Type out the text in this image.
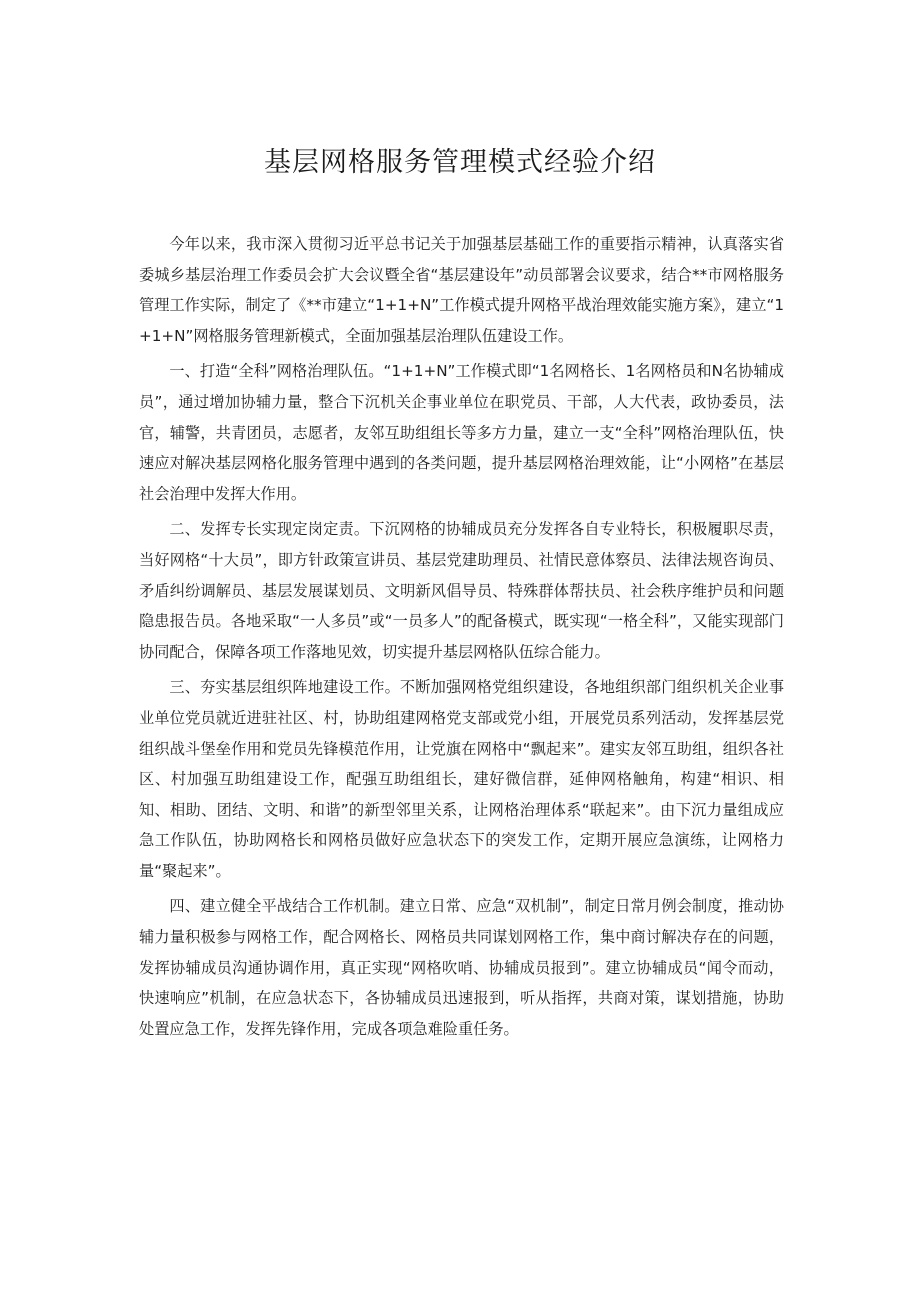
基层网格服务管理模式经验介绍

今年以来，我市深入贯彻习近平总书记关于加强基层基础工作的重要指示精神，认真落实省委城乡基层治理工作委员会扩大会议暨全省“基层建设年”动员部署会议要求，结合**市网格服务管理工作实际，制定了《**市建立“1+1+N”工作模式提升网格平战治理效能实施方案》，建立“1+1+N”网格服务管理新模式，全面加强基层治理队伍建设工作。

一、打造“全科”网格治理队伍。“1+1+N”工作模式即“1名网格长、1名网格员和N名协辅成员”，通过增加协辅力量，整合下沉机关企事业单位在职党员、干部，人大代表，政协委员，法官，辅警，共青团员，志愿者，友邻互助组组长等多方力量，建立一支“全科”网格治理队伍，快速应对解决基层网格化服务管理中遇到的各类问题，提升基层网格治理效能，让“小网格”在基层社会治理中发挥大作用。

二、发挥专长实现定岗定责。下沉网格的协辅成员充分发挥各自专业特长，积极履职尽责，当好网格“十大员”，即方针政策宣讲员、基层党建助理员、社情民意体察员、法律法规咨询员、矛盾纠纷调解员、基层发展谋划员、文明新风倡导员、特殊群体帮扶员、社会秩序维护员和问题隐患报告员。各地采取“一人多员”或“一员多人”的配备模式，既实现“一格全科”，又能实现部门协同配合，保障各项工作落地见效，切实提升基层网格队伍综合能力。

三、夯实基层组织阵地建设工作。不断加强网格党组织建设，各地组织部门组织机关企业事业单位党员就近进驻社区、村，协助组建网格党支部或党小组，开展党员系列活动，发挥基层党组织战斗堡垒作用和党员先锋模范作用，让党旗在网格中“飘起来”。建实友邻互助组，组织各社区、村加强互助组建设工作，配强互助组组长，建好微信群，延伸网格触角，构建“相识、相知、相助、团结、文明、和谐”的新型邻里关系，让网格治理体系“联起来”。由下沉力量组成应急工作队伍，协助网格长和网格员做好应急状态下的突发工作，定期开展应急演练，让网格力量“聚起来”。

四、建立健全平战结合工作机制。建立日常、应急“双机制”，制定日常月例会制度，推动协辅力量积极参与网格工作，配合网格长、网格员共同谋划网格工作，集中商讨解决存在的问题，发挥协辅成员沟通协调作用，真正实现“网格吹哨、协辅成员报到”。建立协辅成员“闻令而动，快速响应”机制，在应急状态下，各协辅成员迅速报到，听从指挥，共商对策，谋划措施，协助处置应急工作，发挥先锋作用，完成各项急难险重任务。
